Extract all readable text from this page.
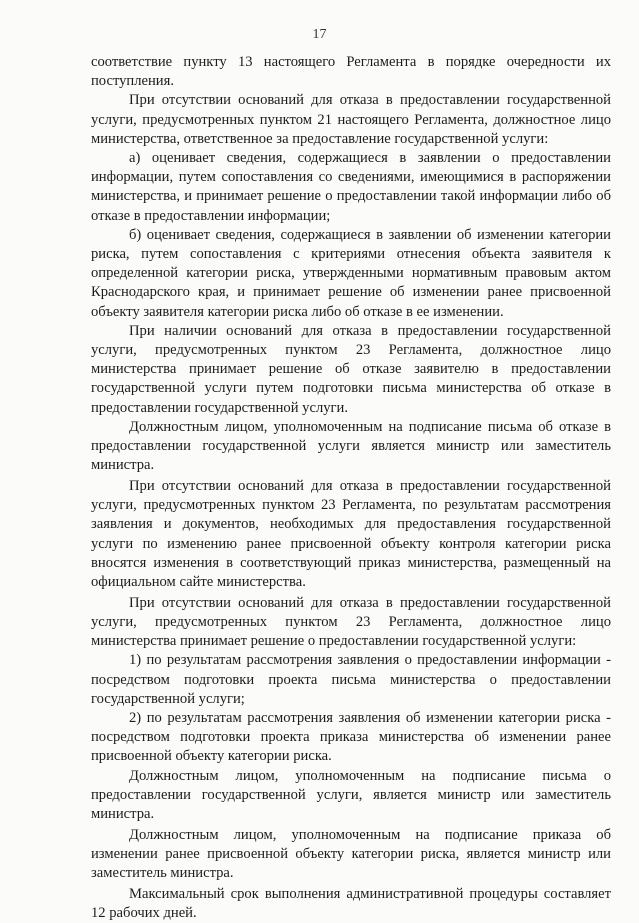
17

соответствие пункту 13 настоящего Регламента в порядке очередности их поступления.

При отсутствии оснований для отказа в предоставлении государственной услуги, предусмотренных пунктом 21 настоящего Регламента, должностное лицо министерства, ответственное за предоставление государственной услуги:

а) оценивает сведения, содержащиеся в заявлении о предоставлении информации, путем сопоставления со сведениями, имеющимися в распоряжении министерства, и принимает решение о предоставлении такой информации либо об отказе в предоставлении информации;

б) оценивает сведения, содержащиеся в заявлении об изменении категории риска, путем сопоставления с критериями отнесения объекта заявителя к определенной категории риска, утвержденными нормативным правовым актом Краснодарского края, и принимает решение об изменении ранее присвоенной объекту заявителя категории риска либо об отказе в ее изменении.

При наличии оснований для отказа в предоставлении государственной услуги, предусмотренных пунктом 23 Регламента, должностное лицо министерства принимает решение об отказе заявителю в предоставлении государственной услуги путем подготовки письма министерства об отказе в предоставлении государственной услуги.

Должностным лицом, уполномоченным на подписание письма об отказе в предоставлении государственной услуги является министр или заместитель министра.

При отсутствии оснований для отказа в предоставлении государственной услуги, предусмотренных пунктом 23 Регламента, по результатам рассмотрения заявления и документов, необходимых для предоставления государственной услуги по изменению ранее присвоенной объекту контроля категории риска вносятся изменения в соответствующий приказ министерства, размещенный на официальном сайте министерства.

При отсутствии оснований для отказа в предоставлении государственной услуги, предусмотренных пунктом 23 Регламента, должностное лицо министерства принимает решение о предоставлении государственной услуги:

1) по результатам рассмотрения заявления о предоставлении информации - посредством подготовки проекта письма министерства о предоставлении государственной услуги;

2) по результатам рассмотрения заявления об изменении категории риска - посредством подготовки проекта приказа министерства об изменении ранее присвоенной объекту категории риска.

Должностным лицом, уполномоченным на подписание письма о предоставлении государственной услуги, является министр или заместитель министра.

Должностным лицом, уполномоченным на подписание приказа об изменении ранее присвоенной объекту категории риска, является министр или заместитель министра.

Максимальный срок выполнения административной процедуры составляет 12 рабочих дней.
